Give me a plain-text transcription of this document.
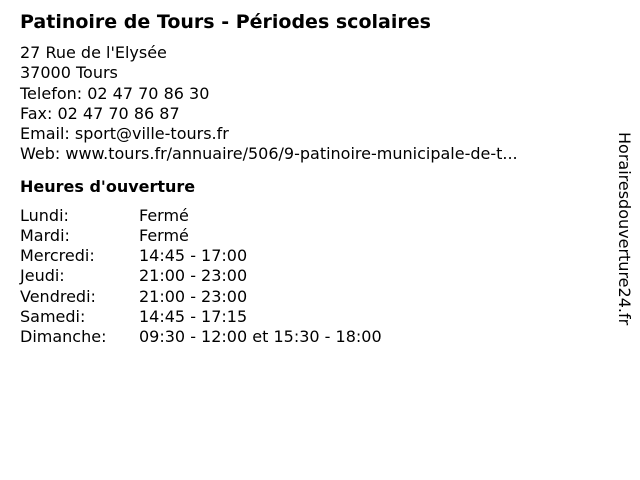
Patinoire de Tours - Périodes scolaires
27 Rue de l'Elysée
37000 Tours
Telefon: 02 47 70 86 30
Fax: 02 47 70 86 87
Email: sport@ville-tours.fr
Web: www.tours.fr/annuaire/506/9-patinoire-municipale-de-t...
Heures d'ouverture
Lundi:	Fermé
Mardi:	Fermé
Mercredi:	14:45 - 17:00
Jeudi:	21:00 - 23:00
Vendredi:	21:00 - 23:00
Samedi:	14:45 - 17:15
Dimanche:	09:30 - 12:00 et 15:30 - 18:00
Horairesdouverture24.fr
